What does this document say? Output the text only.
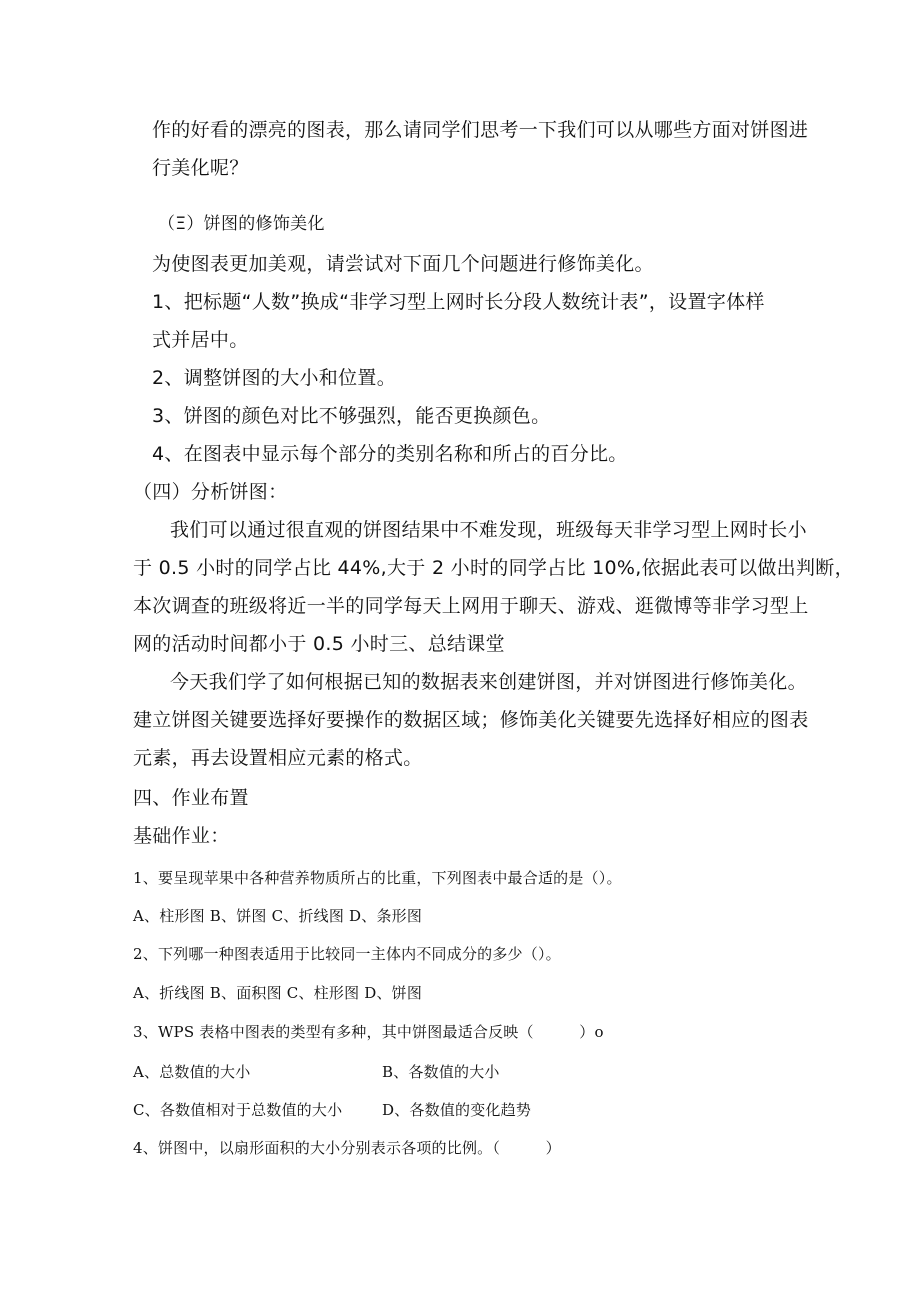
作的好看的漂亮的图表，那么请同学们思考一下我们可以从哪些方面对饼图进
行美化呢？
（Ξ）饼图的修饰美化
为使图表更加美观，请尝试对下面几个问题进行修饰美化。
1、把标题“人数”换成“非学习型上网时长分段人数统计表”，设置字体样
式并居中。
2、调整饼图的大小和位置。
3、饼图的颜色对比不够强烈，能否更换颜色。
4、在图表中显示每个部分的类别名称和所占的百分比。
（四）分析饼图：
我们可以通过很直观的饼图结果中不难发现，班级每天非学习型上网时长小
于 0.5 小时的同学占比 44%,大于 2 小时的同学占比 10%,依据此表可以做出判断，
本次调查的班级将近一半的同学每天上网用于聊天、游戏、逛微博等非学习型上
网的活动时间都小于 0.5 小时三、总结课堂
今天我们学了如何根据已知的数据表来创建饼图，并对饼图进行修饰美化。
建立饼图关键要选择好要操作的数据区域；修饰美化关键要先选择好相应的图表
元素，再去设置相应元素的格式。
四、作业布置
基础作业：
1、要呈现苹果中各种营养物质所占的比重，下列图表中最合适的是（）。
A、柱形图 B、饼图 C、折线图 D、条形图
2、下列哪一种图表适用于比较同一主体内不同成分的多少（）。
A、折线图 B、面积图 C、柱形图 D、饼图
3、WPS 表格中图表的类型有多种，其中饼图最适合反映（　　　）o
A、总数值的大小	B、各数值的大小
C、各数值相对于总数值的大小	D、各数值的变化趋势
4、饼图中，以扇形面积的大小分别表示各项的比例。（　　　）
